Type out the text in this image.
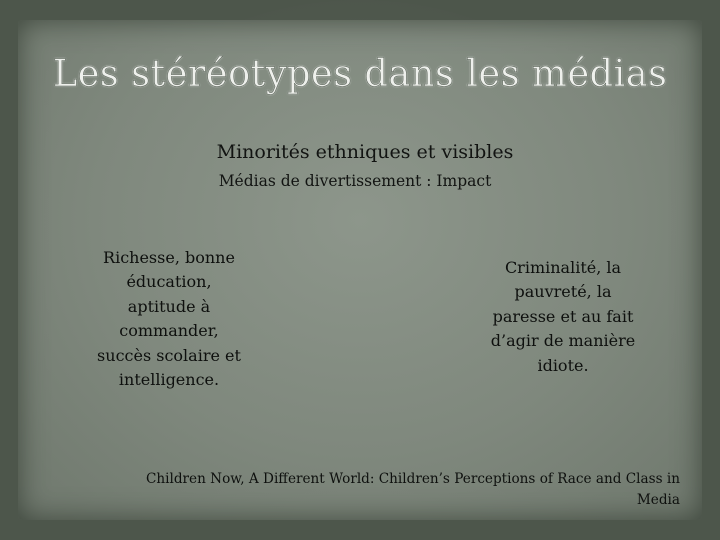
Les stéréotypes dans les médias
Minorités ethniques et visibles
Médias de divertissement : Impact
Richesse, bonne
éducation,
aptitude à
commander,
succès scolaire et
intelligence.
Criminalité, la
pauvreté, la
paresse et au fait
d’agir de manière
idiote.
Children Now, A Different World: Children’s Perceptions of Race and Class in
Media
